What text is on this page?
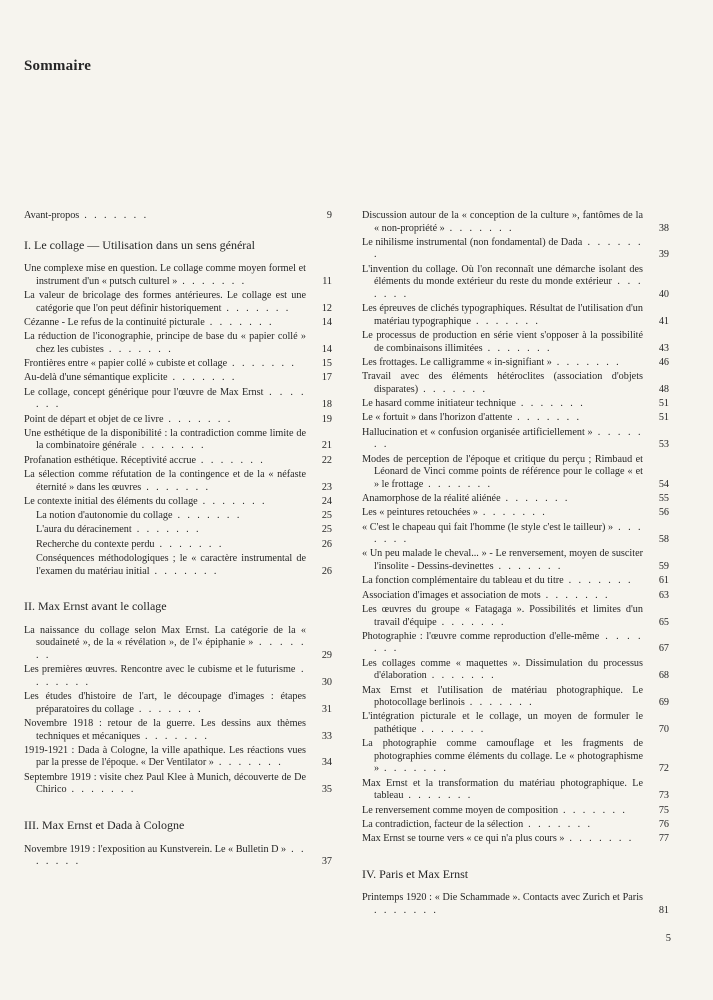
Sommaire
Avant-propos . . . . . . .	9
I. Le collage — Utilisation dans un sens général
Une complexe mise en question. Le collage comme moyen formel et instrument d'un « putsch culturel » . . . . . . .	11
La valeur de bricolage des formes antérieures. Le collage est une catégorie que l'on peut définir historiquement . . . . . . .	12
Cézanne - Le refus de la continuité picturale . . . . . . .	14
La réduction de l'iconographie, principe de base du « papier collé » chez les cubistes . . . . . . .	14
Frontières entre « papier collé » cubiste et collage . . . . . . .	15
Au-delà d'une sémantique explicite . . . . . . .	17
Le collage, concept générique pour l'œuvre de Max Ernst . . . . . . .	18
Point de départ et objet de ce livre . . . . . . .	19
Une esthétique de la disponibilité : la contradiction comme limite de la combinatoire générale . . . . . . .	21
Profanation esthétique. Réceptivité accrue . . . . . . .	22
La sélection comme réfutation de la contingence et de la « néfaste éternité » dans les œuvres . . . . . . .	23
Le contexte initial des éléments du collage . . . . . . .	24
La notion d'autonomie du collage . . . . . . .	25
L'aura du déracinement . . . . . . .	25
Recherche du contexte perdu . . . . . . .	26
Conséquences méthodologiques ; le « caractère instrumental de l'examen du matériau initial . . . . . . .	26
II. Max Ernst avant le collage
La naissance du collage selon Max Ernst. La catégorie de la « soudaineté », de la « révélation », de l'« épiphanie » . . . . . . .	29
Les premières œuvres. Rencontre avec le cubisme et le futurisme . . . . . . .	30
Les études d'histoire de l'art, le découpage d'images : étapes préparatoires du collage . . . . . . .	31
Novembre 1918 : retour de la guerre. Les dessins aux thèmes techniques et mécaniques . . . . . . .	33
1919-1921 : Dada à Cologne, la ville apathique. Les réactions vues par la presse de l'époque. « Der Ventilator » . . . . . . .	34
Septembre 1919 : visite chez Paul Klee à Munich, découverte de De Chirico . . . . . . .	35
III. Max Ernst et Dada à Cologne
Novembre 1919 : l'exposition au Kunstverein. Le « Bulletin D » . . . . . . .	37
Discussion autour de la « conception de la culture », fantômes de la « non-propriété » . . . . . . .	38
Le nihilisme instrumental (non fondamental) de Dada . . . . . . .	39
L'invention du collage. Où l'on reconnaît une démarche isolant des éléments du monde extérieur du reste du monde extérieur . . . . . . .	40
Les épreuves de clichés typographiques. Résultat de l'utilisation d'un matériau typographique . . . . . . .	41
Le processus de production en série vient s'opposer à la possibilité de combinaisons illimitées . . . . . . .	43
Les frottages. Le calligramme « in-signifiant » . . . . . . .	46
Travail avec des éléments hétéroclites (association d'objets disparates) . . . . . . .	48
Le hasard comme initiateur technique . . . . . . .	51
Le « fortuit » dans l'horizon d'attente . . . . . . .	51
Hallucination et « confusion organisée artificiellement » . . . . . . .	53
Modes de perception de l'époque et critique du perçu ; Rimbaud et Léonard de Vinci comme points de référence pour le collage « et » le frottage . . . . . . .	54
Anamorphose de la réalité aliénée . . . . . . .	55
Les « peintures retouchées » . . . . . . .	56
« C'est le chapeau qui fait l'homme (le style c'est le tailleur) » . . . . . . .	58
« Un peu malade le cheval... » - Le renversement, moyen de susciter l'insolite - Dessins-devinettes . . . . . . .	59
La fonction complémentaire du tableau et du titre . . . . . . .	61
Association d'images et association de mots . . . . . . .	63
Les œuvres du groupe « Fatagaga ». Possibilités et limites d'un travail d'équipe . . . . . . .	65
Photographie : l'œuvre comme reproduction d'elle-même . . . . . . .	67
Les collages comme « maquettes ». Dissimulation du processus d'élaboration . . . . . . .	68
Max Ernst et l'utilisation de matériau photographique. Le photocollage berlinois . . . . . . .	69
L'intégration picturale et le collage, un moyen de formuler le pathétique . . . . . . .	70
La photographie comme camouflage et les fragments de photographies comme éléments du collage. Le « photographisme » . . . . . . .	72
Max Ernst et la transformation du matériau photographique. Le tableau . . . . . . .	73
Le renversement comme moyen de composition . . . . . . .	75
La contradiction, facteur de la sélection . . . . . . .	76
Max Ernst se tourne vers « ce qui n'a plus cours » . . . . . . .	77
IV. Paris et Max Ernst
Printemps 1920 : « Die Schammade ». Contacts avec Zurich et Paris . . . . . . .	81
5
